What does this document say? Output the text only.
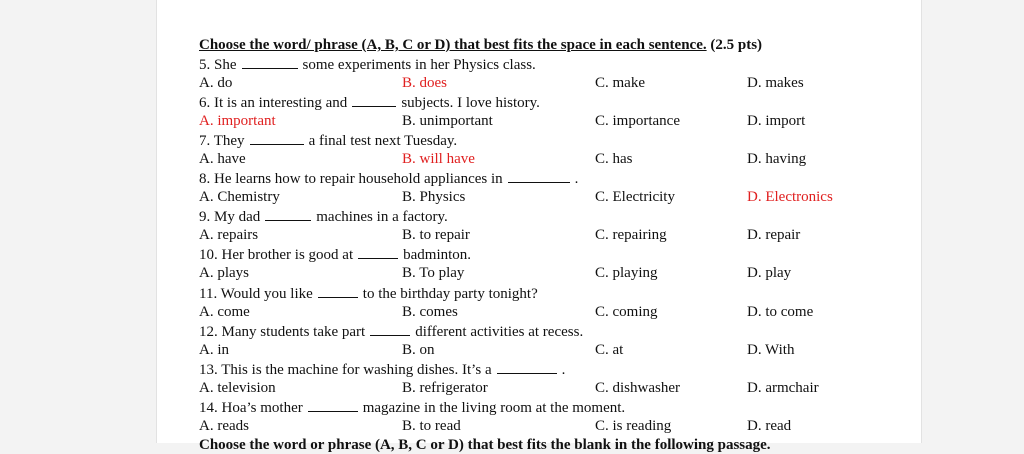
Choose the word/ phrase (A, B, C or D) that best fits the space in each sentence. (2.5 pts)
5. She	some experiments in her Physics class.
A. do	B. does	C. make	D. makes
6. It is an interesting and	subjects. I love history.
A. important	B. unimportant	C. importance	D. import
7. They	a final test next Tuesday.
A. have	B. will have	C. has	D. having
8. He learns how to repair household appliances in	.
A. Chemistry	B. Physics	C. Electricity	D. Electronics
9. My dad	machines in a factory.
A. repairs	B. to repair	C. repairing	D. repair
10. Her brother is good at	badminton.
A. plays	B. To play	C. playing	D. play
11. Would you like	to the birthday party tonight?
A. come	B. comes	C. coming	D. to come
12. Many students take part	different activities at recess.
A. in	B. on	C. at	D. With
13. This is the machine for washing dishes. It’s a	.
A. television	B. refrigerator	C. dishwasher	D. armchair
14. Hoa’s mother	magazine in the living room at the moment.
A. reads	B. to read	C. is reading	D. read
Choose the word or phrase (A, B, C or D) that best fits the blank in the following passage.
